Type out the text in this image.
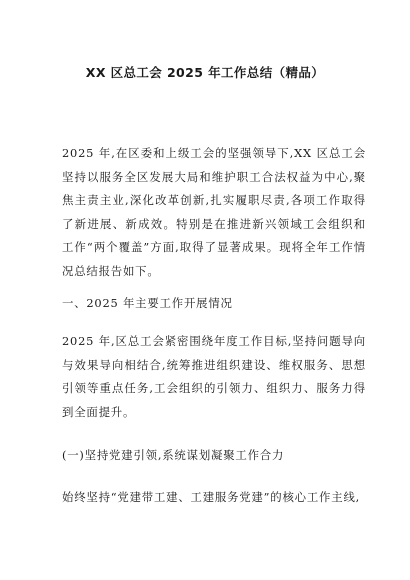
XX 区总工会 2025 年工作总结（精品）

2025 年,在区委和上级工会的坚强领导下,XX 区总工会坚持以服务全区发展大局和维护职工合法权益为中心,聚焦主责主业,深化改革创新,扎实履职尽责,各项工作取得了新进展、新成效。特别是在推进新兴领域工会组织和工作“两个覆盖”方面,取得了显著成果。现将全年工作情况总结报告如下。

一、2025 年主要工作开展情况

2025 年,区总工会紧密围绕年度工作目标,坚持问题导向与效果导向相结合,统筹推进组织建设、维权服务、思想引领等重点任务,工会组织的引领力、组织力、服务力得到全面提升。

(一)坚持党建引领,系统谋划凝聚工作合力

始终坚持“党建带工建、工建服务党建”的核心工作主线,
